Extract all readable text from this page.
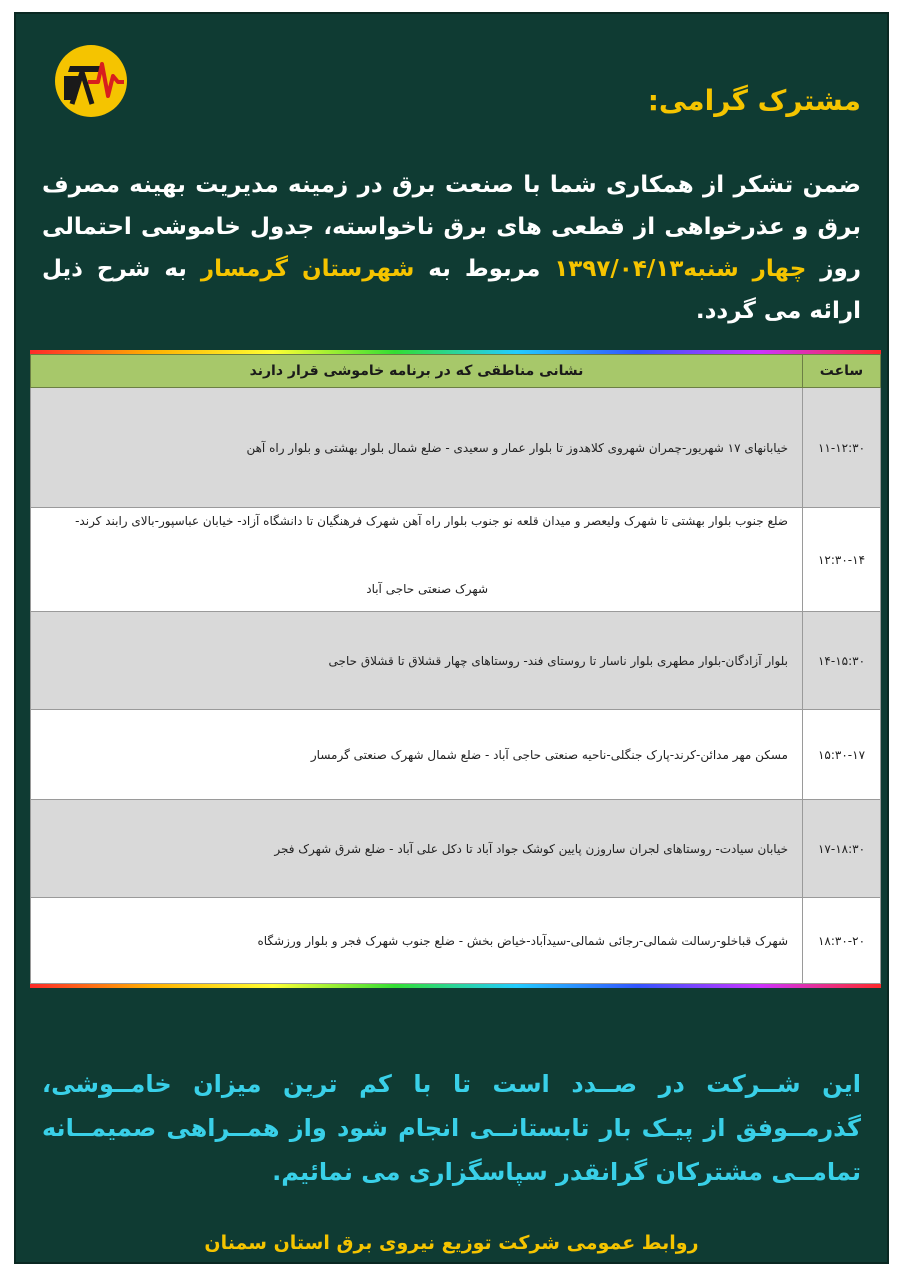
مشترک گرامی:
ضمن تشکر از همکاری شما با صنعت برق در زمینه مدیریت بهینه مصرف برق و عذرخواهی از قطعی های برق ناخواسته، جدول خاموشی احتمالی روز چهار شنبه۱۳۹۷/۰۴/۱۳ مربوط به شهرستان گرمسار به شرح ذیل ارائه می گردد.
ساعت	نشانی مناطقی که در برنامه خاموشی قرار دارند
۱۱-۱۲:۳۰	خیابانهای ۱۷ شهریور-چمران شهروی کلاهدوز تا بلوار عمار و سعیدی - ضلع شمال بلوار بهشتی و بلوار راه آهن
۱۲:۳۰-۱۴	ضلع جنوب بلوار بهشتی تا شهرک ولیعصر و میدان قلعه نو جنوب بلوار راه آهن شهرک فرهنگیان تا دانشگاه آزاد- خیابان عباسپور-بالای رابند کرند-
شهرک صنعتی حاجی آباد

۱۴-۱۵:۳۰	بلوار آزادگان-بلوار مطهری بلوار ناسار تا روستای فند- روستاهای چهار قشلاق تا قشلاق حاجی
۱۵:۳۰-۱۷	مسکن مهر مدائن-کرند-پارک جنگلی-ناحیه صنعتی حاجی آباد - ضلع شمال شهرک صنعتی گرمسار
۱۷-۱۸:۳۰	خیابان سیادت- روستاهای لجران ساروزن پایین کوشک جواد آباد تا دکل علی آباد - ضلع شرق شهرک فجر
۱۸:۳۰-۲۰	شهرک قباخلو-رسالت شمالی-رجائی شمالی-سیدآباد-خیاض بخش - ضلع جنوب شهرک فجر و بلوار ورزشگاه
این شــرکت در صــدد است تا با کم ترین میزان خامــوشی، گذرمــوفق از پیـک بار تابستانــی انجام شود واز همــراهی صمیمــانه تمامــی مشترکان گرانقدر سپاسگزاری می نمائیم.
روابط عمومی شرکت توزیع نیروی برق استان سمنان
